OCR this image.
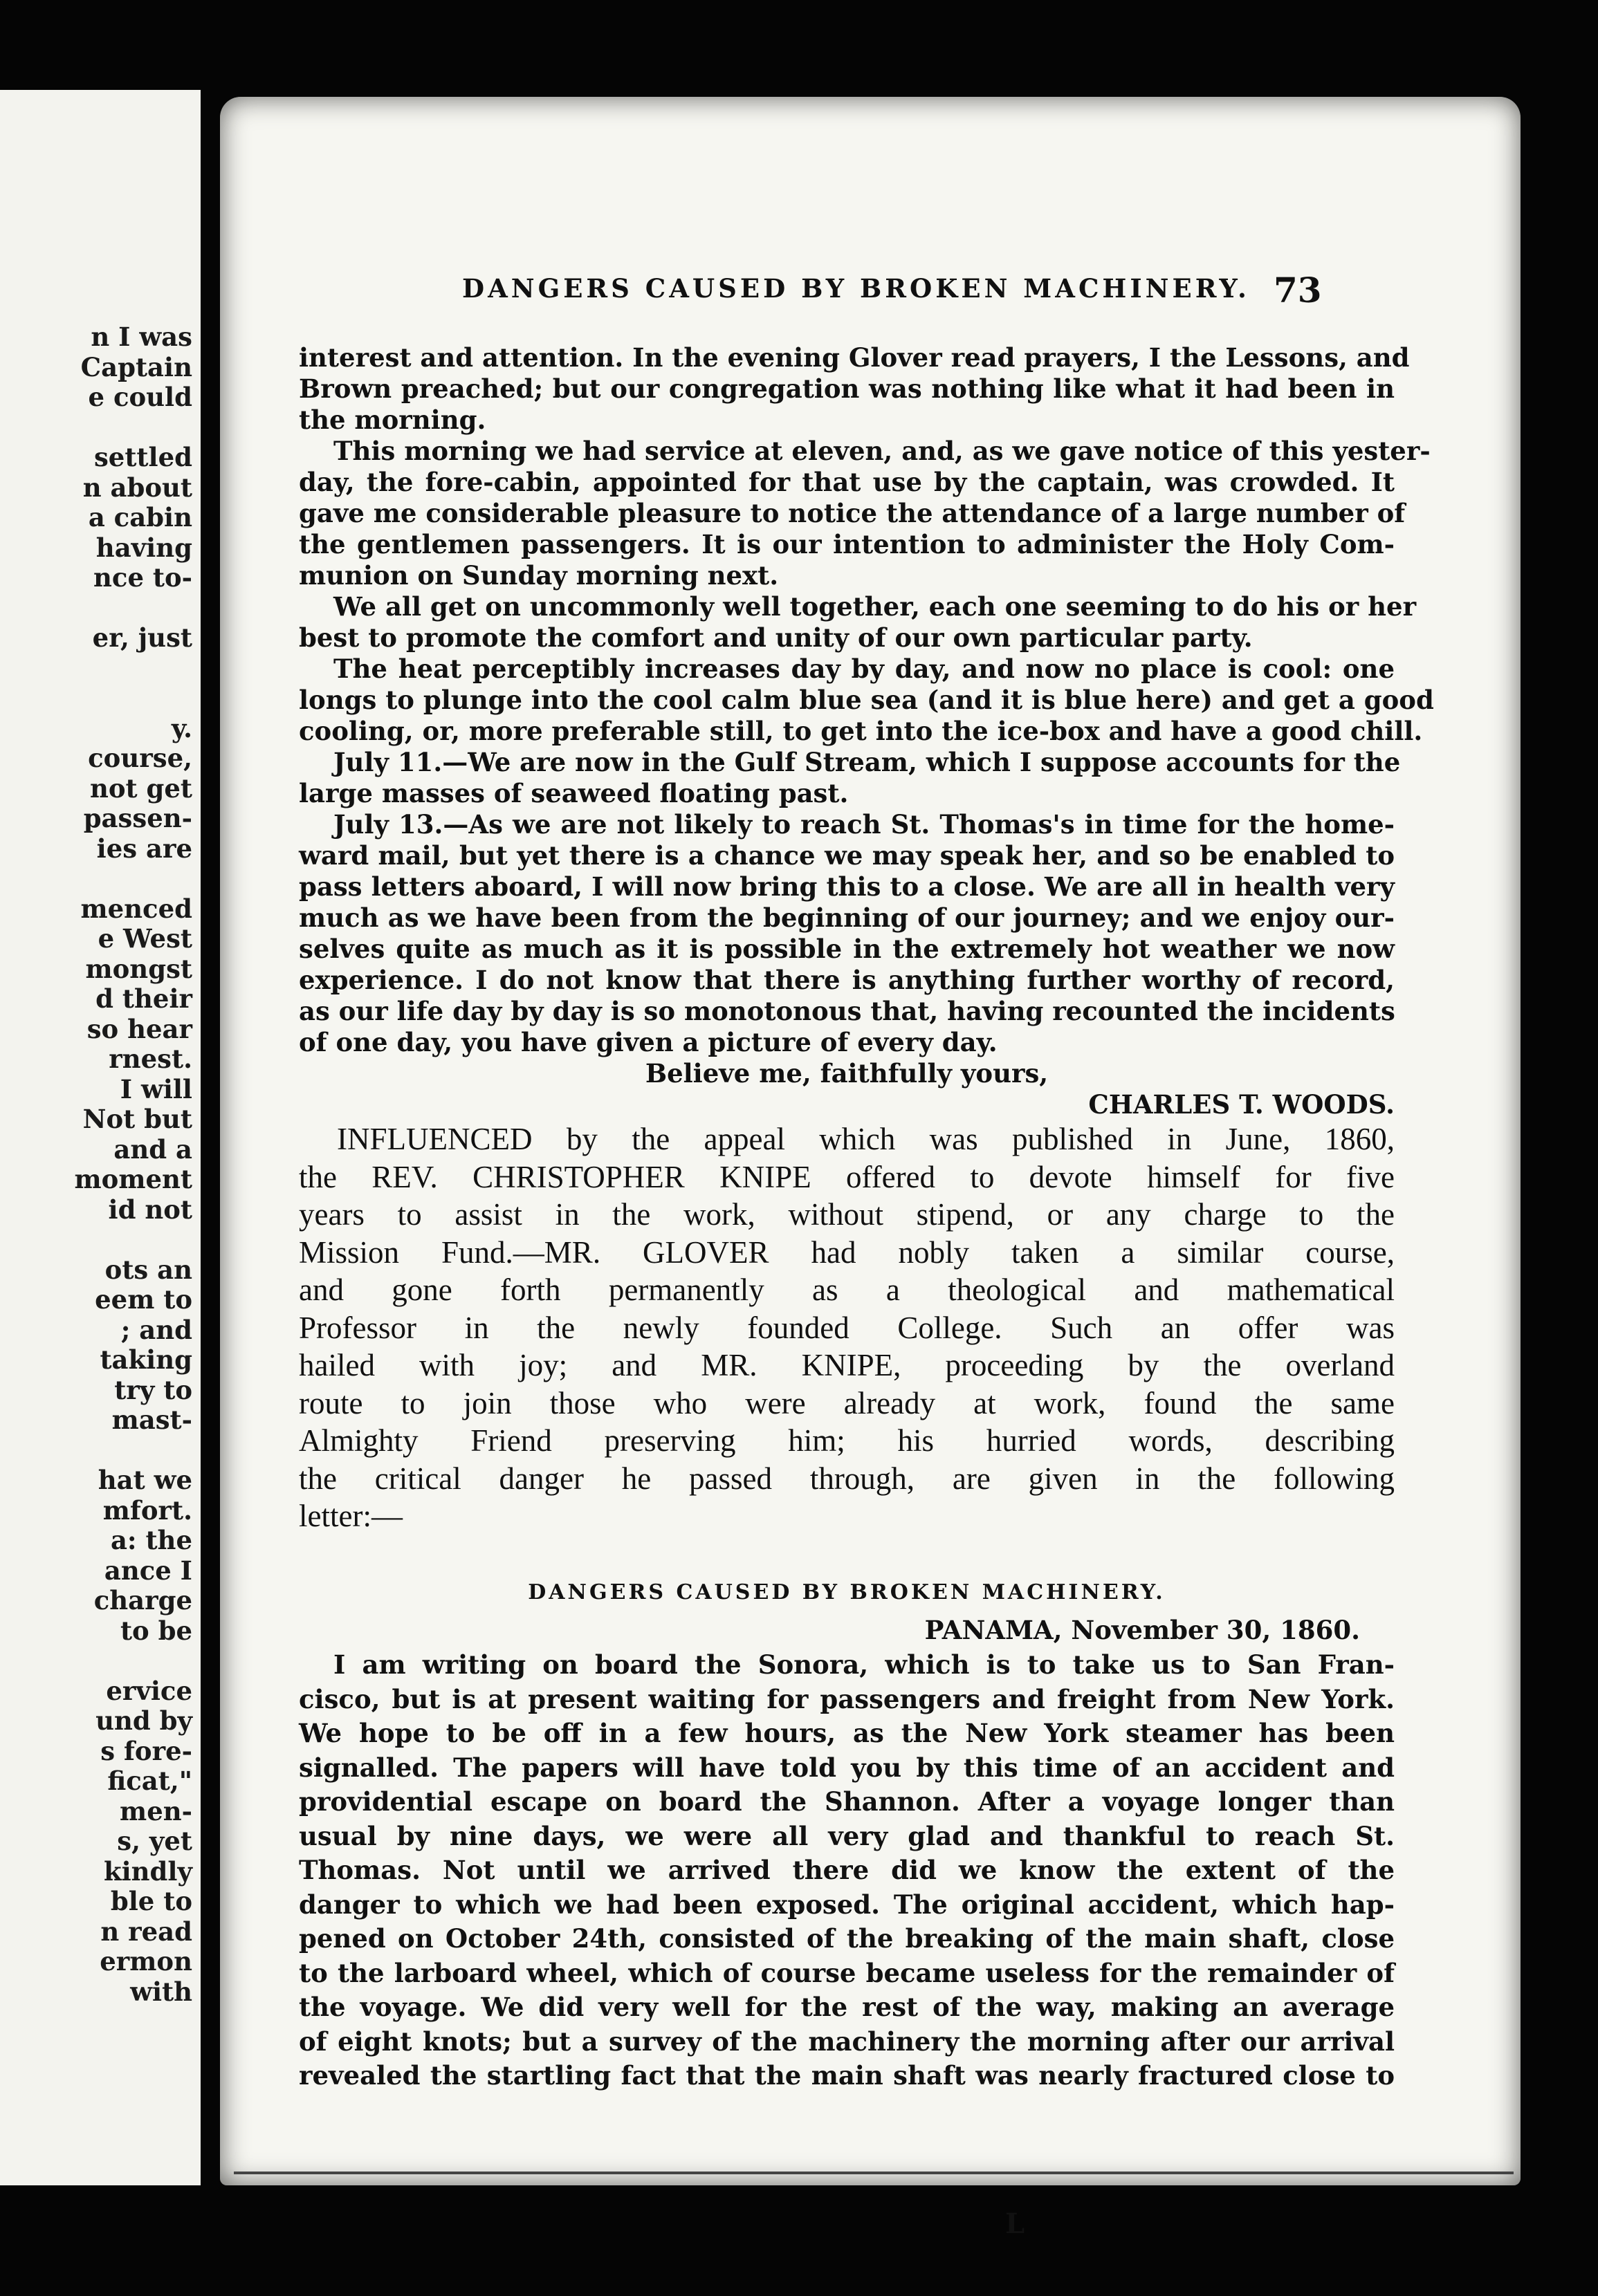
n I was
Captain
e could
settled
n about
a cabin
having
nce to-
er, just
y.
course,
not get
passen-
ies are
menced
e West
mongst
d their
so hear
rnest.
I will
Not but
and a
moment
id not
ots an
eem to
; and
taking
try to
mast-
hat we
mfort.
a: the
ance I
charge
to be
ervice
und by
s fore-
ficat,"
men-
s, yet
kindly
ble to
n read
ermon
with
DANGERS CAUSED BY BROKEN MACHINERY. 73
interest and attention. In the evening Glover read prayers, I the Lessons, and
Brown preached; but our congregation was nothing like what it had been in
the morning.
This morning we had service at eleven, and, as we gave notice of this yester-
day, the fore-cabin, appointed for that use by the captain, was crowded. It
gave me considerable pleasure to notice the attendance of a large number of
the gentlemen passengers. It is our intention to administer the Holy Com-
munion on Sunday morning next.
We all get on uncommonly well together, each one seeming to do his or her
best to promote the comfort and unity of our own particular party.
The heat perceptibly increases day by day, and now no place is cool: one
longs to plunge into the cool calm blue sea (and it is blue here) and get a good
cooling, or, more preferable still, to get into the ice-box and have a good chill.
July 11.—We are now in the Gulf Stream, which I suppose accounts for the
large masses of seaweed floating past.
July 13.—As we are not likely to reach St. Thomas's in time for the home-
ward mail, but yet there is a chance we may speak her, and so be enabled to
pass letters aboard, I will now bring this to a close. We are all in health very
much as we have been from the beginning of our journey; and we enjoy our-
selves quite as much as it is possible in the extremely hot weather we now
experience. I do not know that there is anything further worthy of record,
as our life day by day is so monotonous that, having recounted the incidents
of one day, you have given a picture of every day.
Believe me, faithfully yours,
CHARLES T. WOODS.
INFLUENCED by the appeal which was published in June, 1860,
the REV. CHRISTOPHER KNIPE offered to devote himself for five
years to assist in the work, without stipend, or any charge to the
Mission Fund.—MR. GLOVER had nobly taken a similar course,
and gone forth permanently as a theological and mathematical
Professor in the newly founded College. Such an offer was
hailed with joy; and MR. KNIPE, proceeding by the overland
route to join those who were already at work, found the same
Almighty Friend preserving him; his hurried words, describing
the critical danger he passed through, are given in the following
letter:—
DANGERS CAUSED BY BROKEN MACHINERY.
PANAMA, November 30, 1860.
I am writing on board the Sonora, which is to take us to San Fran-
cisco, but is at present waiting for passengers and freight from New York.
We hope to be off in a few hours, as the New York steamer has been
signalled. The papers will have told you by this time of an accident and
providential escape on board the Shannon. After a voyage longer than
usual by nine days, we were all very glad and thankful to reach St.
Thomas. Not until we arrived there did we know the extent of the
danger to which we had been exposed. The original accident, which hap-
pened on October 24th, consisted of the breaking of the main shaft, close
to the larboard wheel, which of course became useless for the remainder of
the voyage. We did very well for the rest of the way, making an average
of eight knots; but a survey of the machinery the morning after our arrival
revealed the startling fact that the main shaft was nearly fractured close to
L
